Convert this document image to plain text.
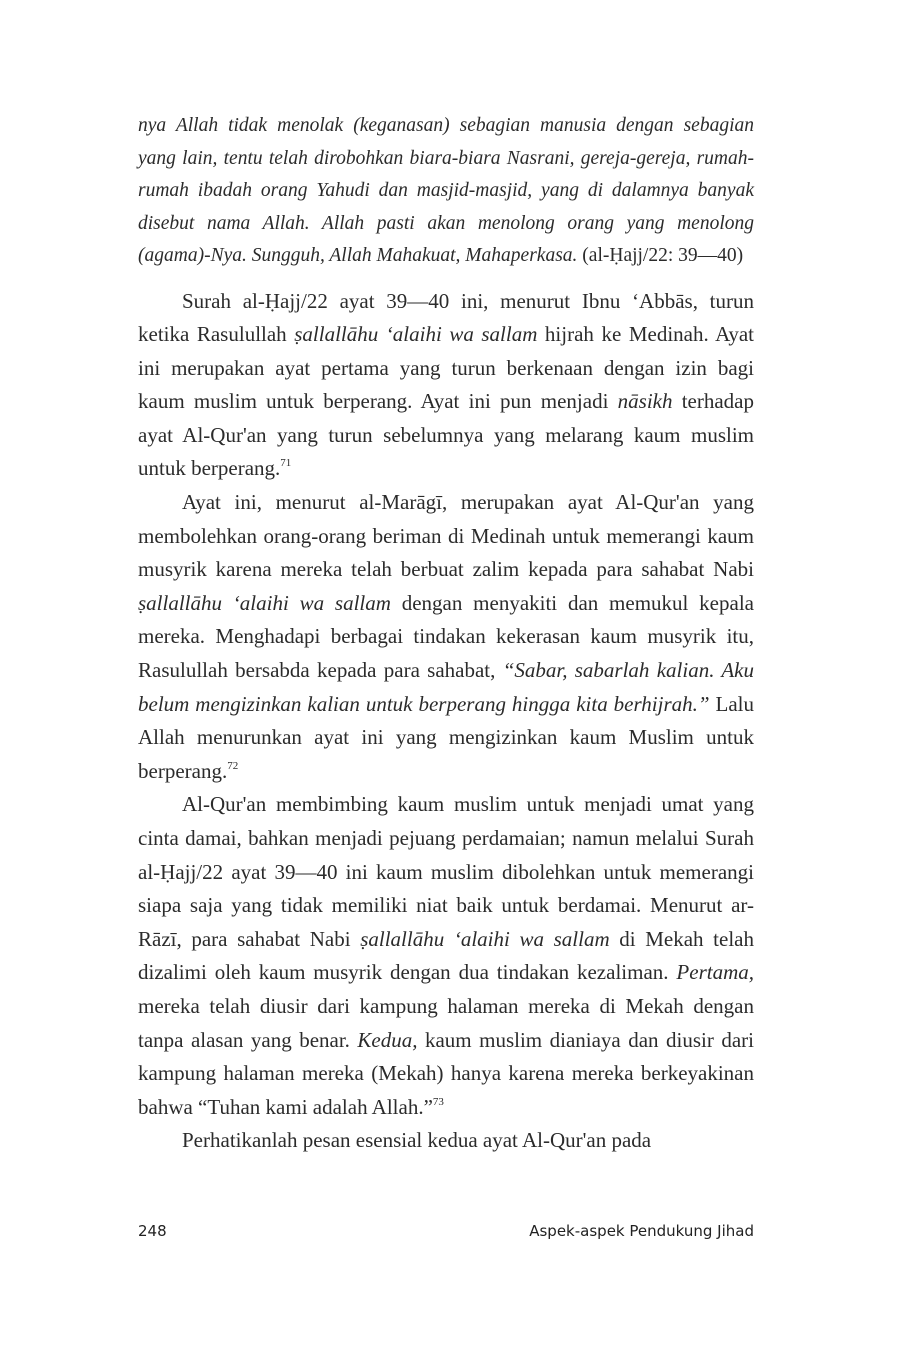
nya Allah tidak menolak (keganasan) sebagian manusia dengan sebagian yang lain, tentu telah dirobohkan biara-biara Nasrani, gereja-gereja, rumah-rumah ibadah orang Yahudi dan masjid-masjid, yang di dalamnya banyak disebut nama Allah. Allah pasti akan menolong orang yang menolong (agama)-Nya. Sungguh, Allah Mahakuat, Mahaperkasa. (al-Ḥajj/22: 39—40)

Surah al-Ḥajj/22 ayat 39—40 ini, menurut Ibnu ‘Abbās, turun ketika Rasulullah ṣallallāhu ‘alaihi wa sallam hijrah ke Medinah. Ayat ini merupakan ayat pertama yang turun berkenaan dengan izin bagi kaum muslim untuk berperang. Ayat ini pun menjadi nāsikh terhadap ayat Al-Qur'an yang turun sebelumnya yang melarang kaum muslim untuk berperang.$^{71}$

Ayat ini, menurut al-Marāgī, merupakan ayat Al-Qur'an yang membolehkan orang-orang beriman di Medinah untuk memerangi kaum musyrik karena mereka telah berbuat zalim kepada para sahabat Nabi ṣallallāhu ‘alaihi wa sallam dengan menyakiti dan memukul kepala mereka. Menghadapi berbagai tindakan kekerasan kaum musyrik itu, Rasulullah bersabda kepada para sahabat, “Sabar, sabarlah kalian. Aku belum mengizinkan kalian untuk berperang hingga kita berhijrah.” Lalu Allah menurunkan ayat ini yang mengizinkan kaum Muslim untuk berperang.$^{72}$

Al-Qur'an membimbing kaum muslim untuk menjadi umat yang cinta damai, bahkan menjadi pejuang perdamaian; namun melalui Surah al-Ḥajj/22 ayat 39—40 ini kaum muslim dibolehkan untuk memerangi siapa saja yang tidak memiliki niat baik untuk berdamai. Menurut ar-Rāzī, para sahabat Nabi ṣallallāhu ‘alaihi wa sallam di Mekah telah dizalimi oleh kaum musyrik dengan dua tindakan kezaliman. Pertama, mereka telah diusir dari kampung halaman mereka di Mekah dengan tanpa alasan yang benar. Kedua, kaum muslim dianiaya dan diusir dari kampung halaman mereka (Mekah) hanya karena mereka berkeyakinan bahwa “Tuhan kami adalah Allah.”$^{73}$

Perhatikanlah pesan esensial kedua ayat Al-Qur'an pada

248	Aspek-aspek Pendukung Jihad
